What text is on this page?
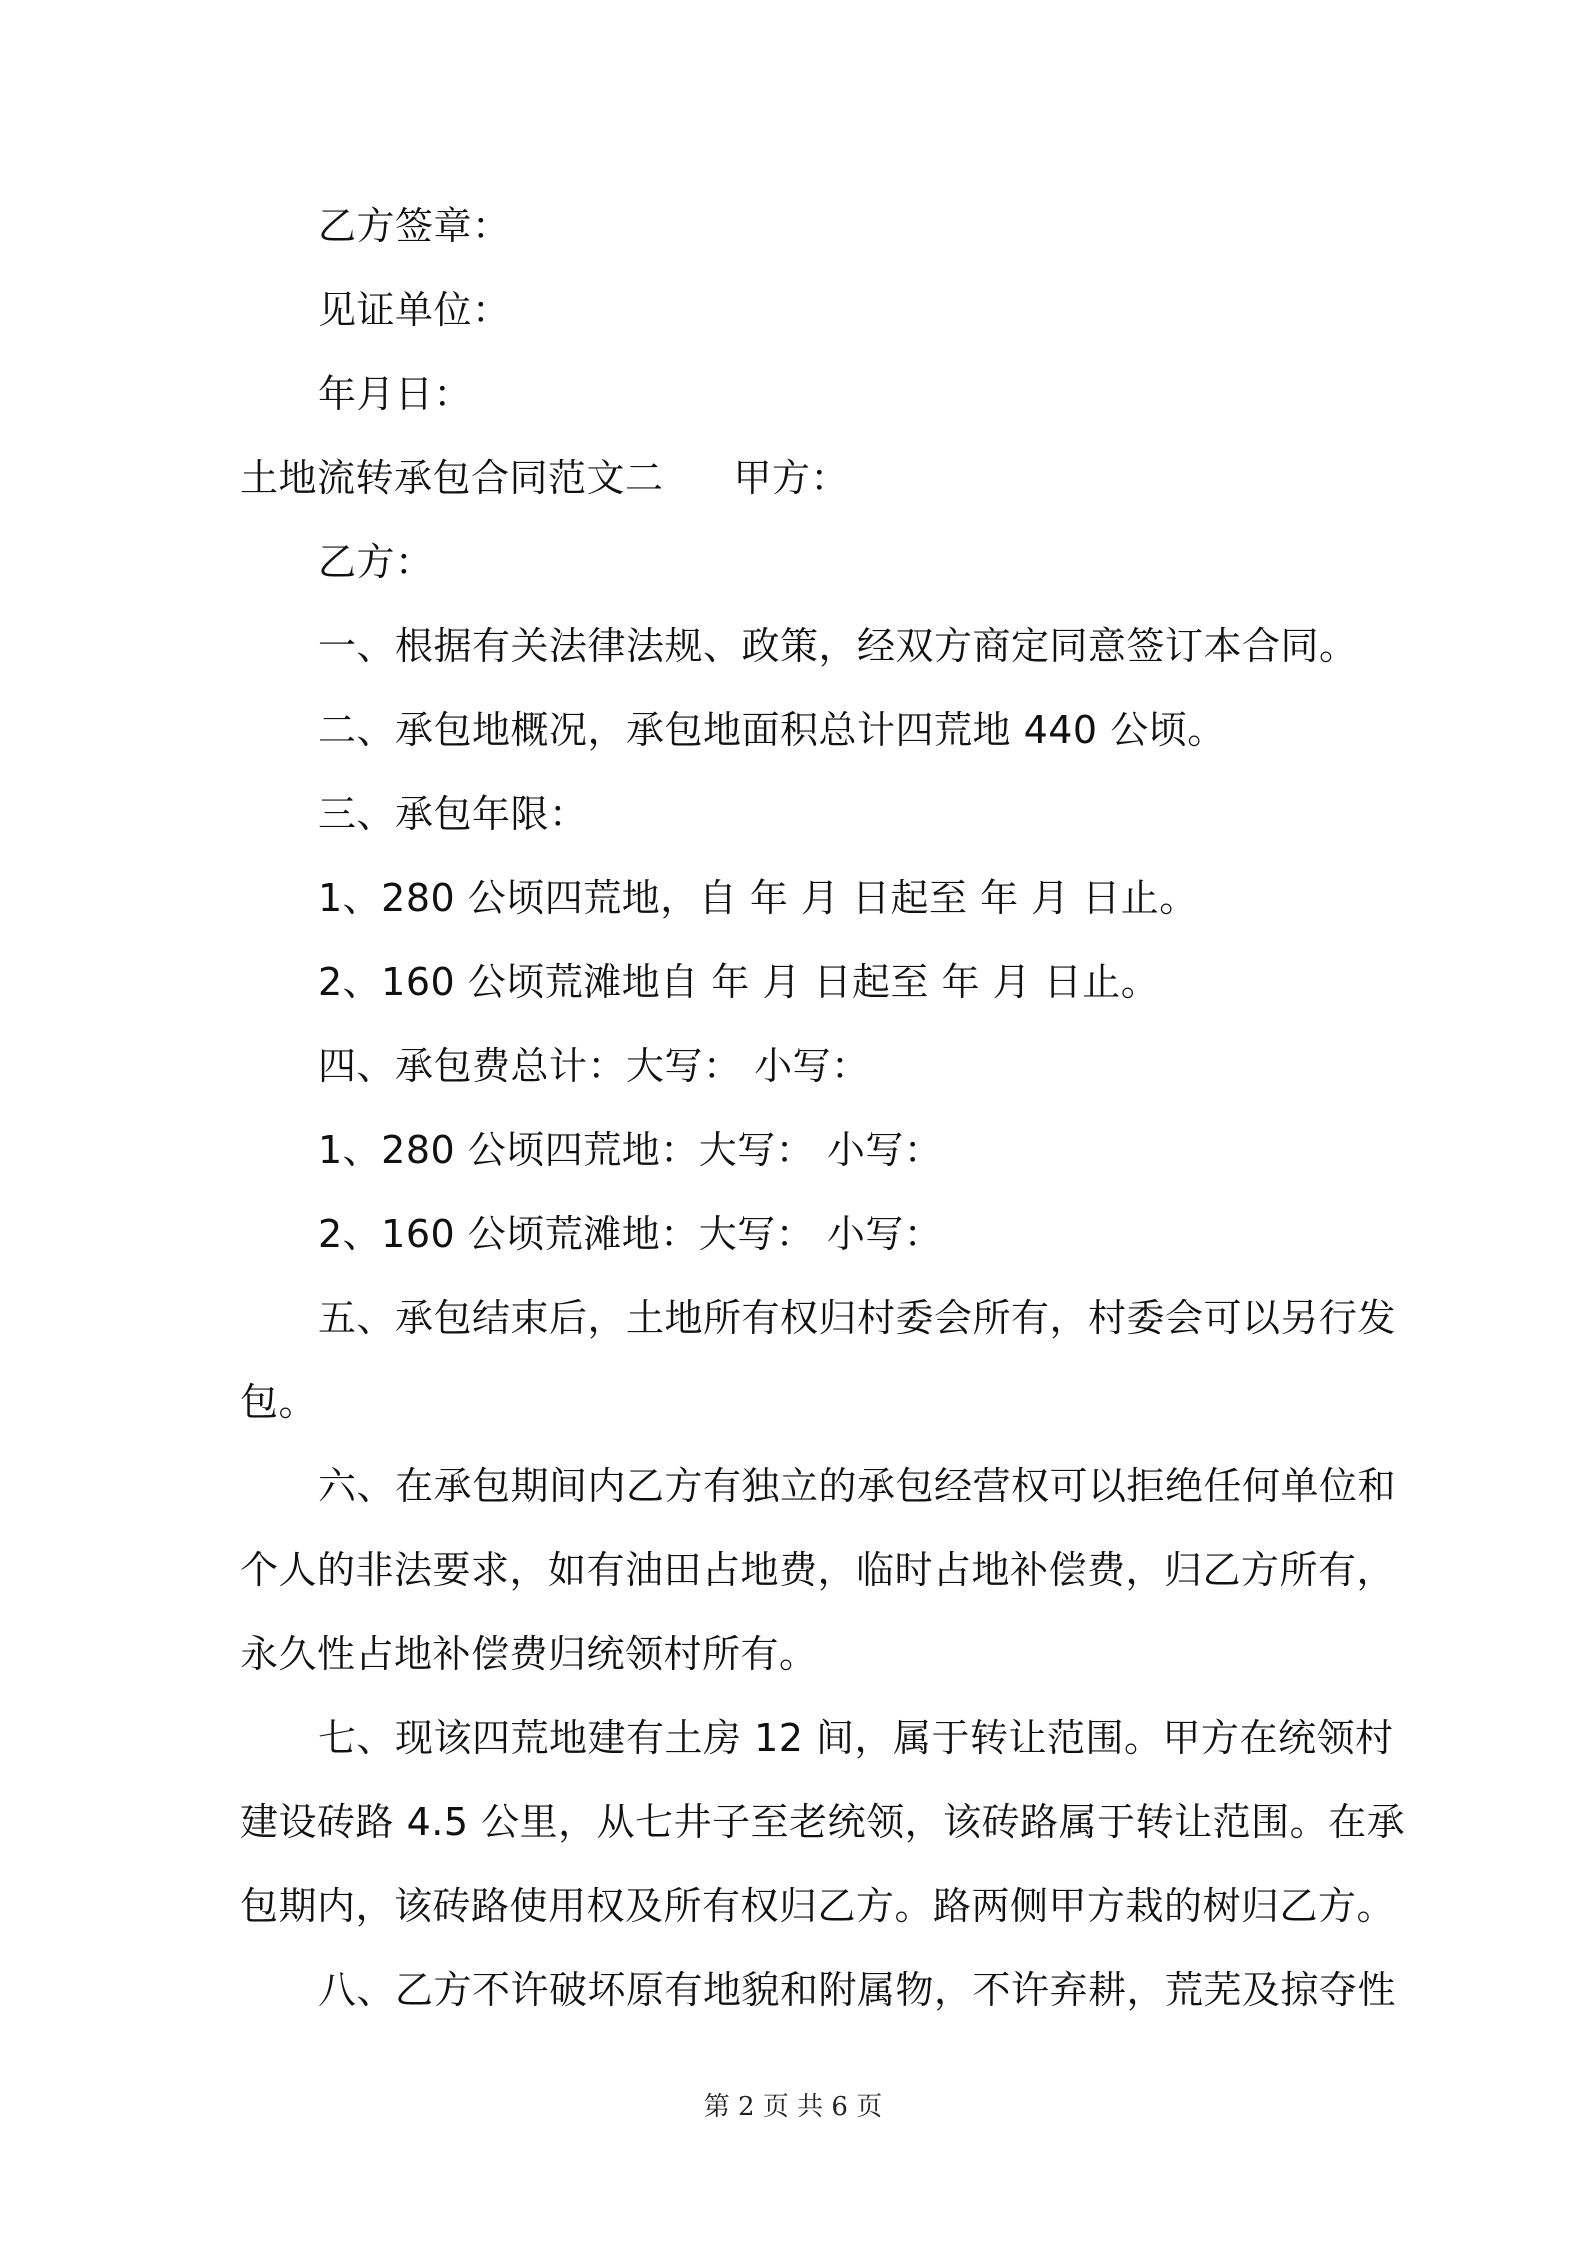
乙方签章：
见证单位：
年月日：
土地流转承包合同范文二 甲方：
乙方：
一、根据有关法律法规、政策，经双方商定同意签订本合同。
二、承包地概况，承包地面积总计四荒地 440 公顷。
三、承包年限：
1、280 公顷四荒地，自 年 月 日起至 年 月 日止。
2、160 公顷荒滩地自 年 月 日起至 年 月 日止。
四、承包费总计：大写： 小写：
1、280 公顷四荒地：大写： 小写：
2、160 公顷荒滩地：大写： 小写：
五、承包结束后，土地所有权归村委会所有，村委会可以另行发
包。
六、在承包期间内乙方有独立的承包经营权可以拒绝任何单位和
个人的非法要求，如有油田占地费，临时占地补偿费，归乙方所有，
永久性占地补偿费归统领村所有。
七、现该四荒地建有土房 12 间，属于转让范围。甲方在统领村
建设砖路 4.5 公里，从七井子至老统领，该砖路属于转让范围。在承
包期内，该砖路使用权及所有权归乙方。路两侧甲方栽的树归乙方。
八、乙方不许破坏原有地貌和附属物，不许弃耕，荒芜及掠夺性
第 2 页 共 6 页
